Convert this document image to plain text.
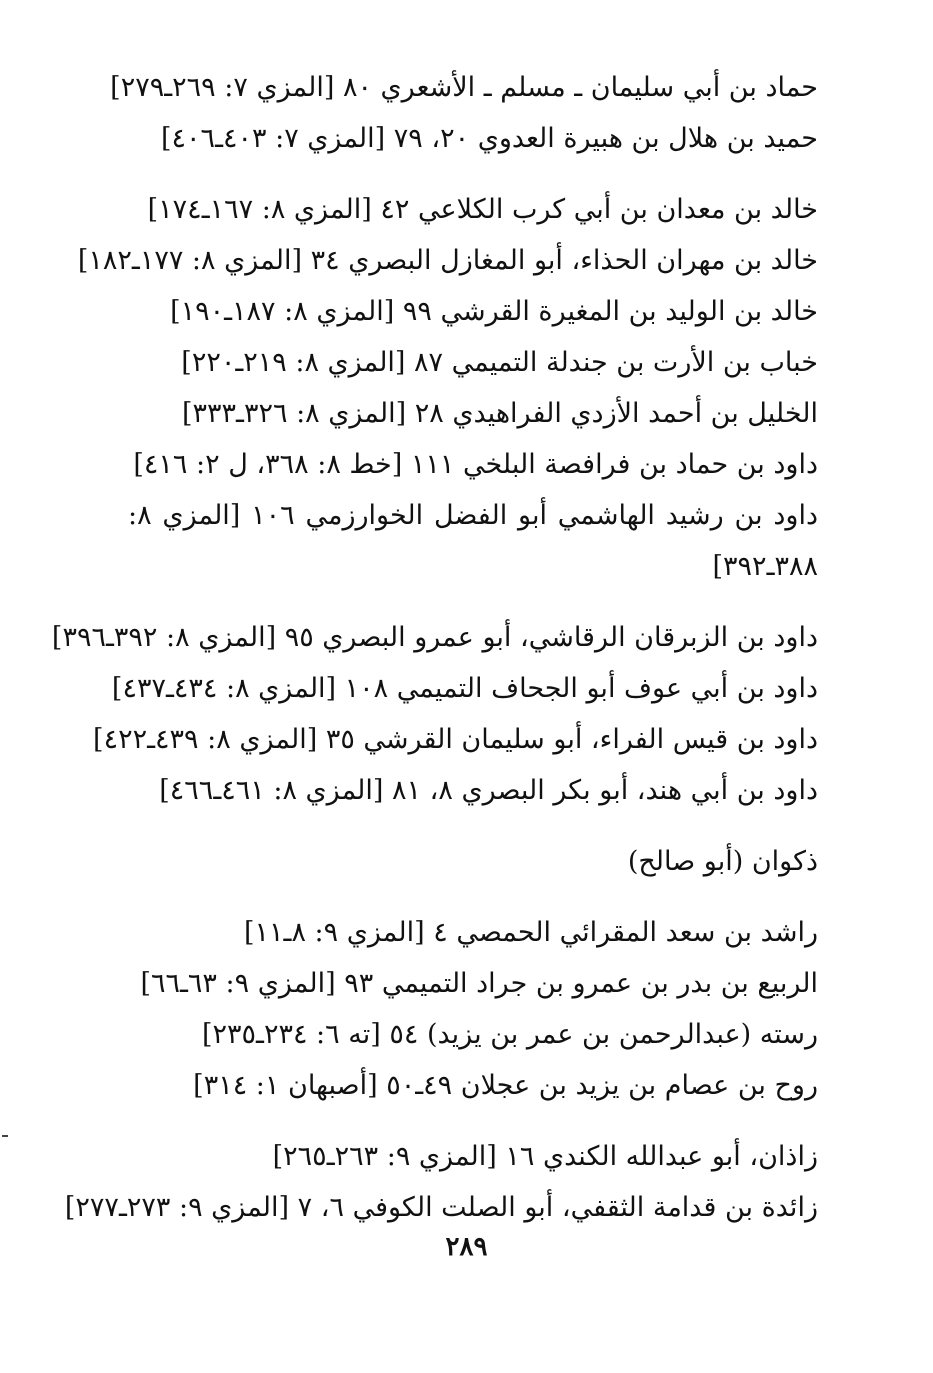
حماد بن أبي سليمان ـ مسلم ـ الأشعري ٨٠ [المزي ٧: ٢٦٩ـ٢٧٩]
حميد بن هلال بن هبيرة العدوي ٢٠، ٧٩ [المزي ٧: ٤٠٣ـ٤٠٦]
خالد بن معدان بن أبي كرب الكلاعي ٤٢ [المزي ٨: ١٦٧ـ١٧٤]
خالد بن مهران الحذاء، أبو المغازل البصري ٣٤ [المزي ٨: ١٧٧ـ١٨٢]
خالد بن الوليد بن المغيرة القرشي ٩٩ [المزي ٨: ١٨٧ـ١٩٠]
خباب بن الأرت بن جندلة التميمي ٨٧ [المزي ٨: ٢١٩ـ٢٢٠]
الخليل بن أحمد الأزدي الفراهيدي ٢٨ [المزي ٨: ٣٢٦ـ٣٣٣]
داود بن حماد بن فرافصة البلخي ١١١ [خط ٨: ٣٦٨، ل ٢: ٤١٦]
داود بن رشيد الهاشمي أبو الفضل الخوارزمي ١٠٦ [المزي ٨: ٣٨٨ـ٣٩٢]
داود بن الزبرقان الرقاشي، أبو عمرو البصري ٩٥ [المزي ٨: ٣٩٢ـ٣٩٦]
داود بن أبي عوف أبو الجحاف التميمي ١٠٨ [المزي ٨: ٤٣٤ـ٤٣٧]
داود بن قيس الفراء، أبو سليمان القرشي ٣٥ [المزي ٨: ٤٣٩ـ٤٢٢]
داود بن أبي هند، أبو بكر البصري ٨، ٨١ [المزي ٨: ٤٦١ـ٤٦٦]
ذكوان (أبو صالح)
راشد بن سعد المقرائي الحمصي ٤ [المزي ٩: ٨ـ١١]
الربيع بن بدر بن عمرو بن جراد التميمي ٩٣ [المزي ٩: ٦٣ـ٦٦]
رسته (عبدالرحمن بن عمر بن يزيد) ٥٤ [ته ٦: ٢٣٤ـ٢٣٥]
روح بن عصام بن يزيد بن عجلان ٤٩ـ٥٠ [أصبهان ١: ٣١٤]
زاذان، أبو عبدالله الكندي ١٦ [المزي ٩: ٢٦٣ـ٢٦٥]
زائدة بن قدامة الثقفي، أبو الصلت الكوفي ٦، ٧ [المزي ٩: ٢٧٣ـ٢٧٧]
٢٨٩
